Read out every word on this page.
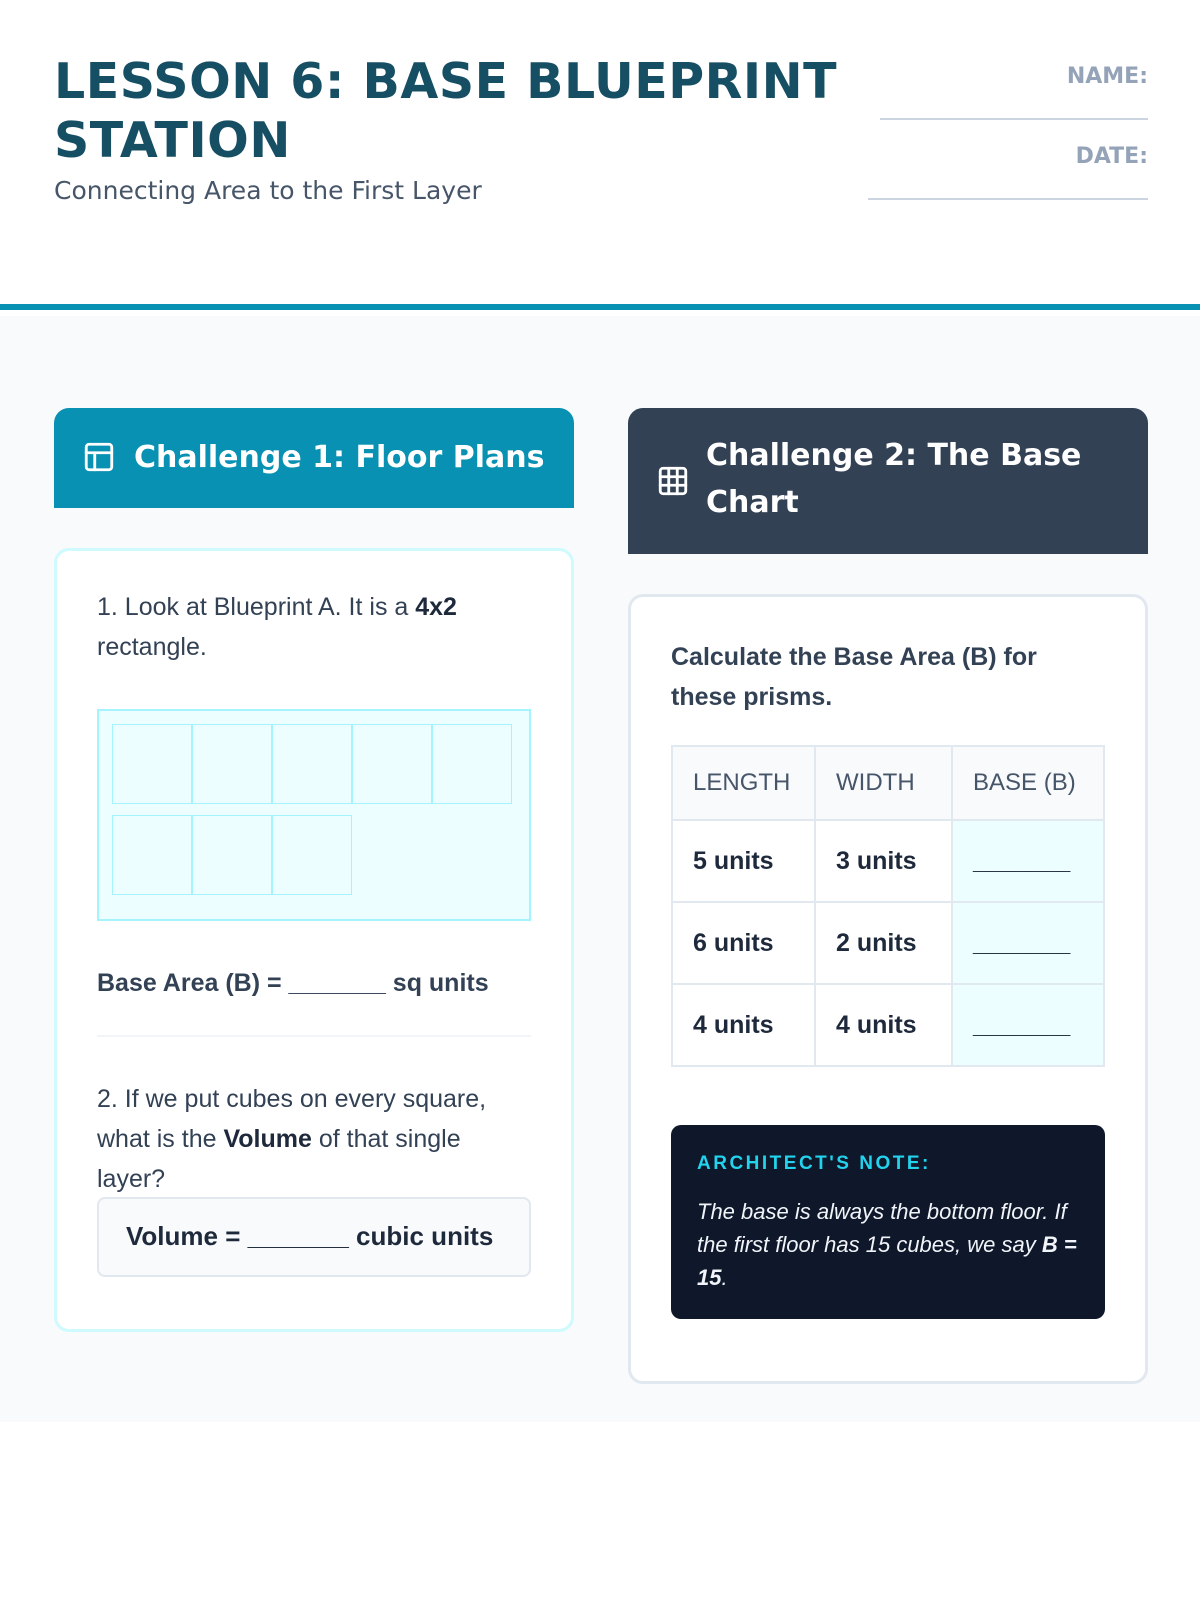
LESSON 6: BASE BLUEPRINT STATION
Connecting Area to the First Layer
NAME:
DATE:
Challenge 1: Floor Plans
1. Look at Blueprint A. It is a 4x2 rectangle.
Base Area (B) = _______ sq units
2. If we put cubes on every square, what is the Volume of that single layer?
Volume = _______ cubic units
Challenge 2: The Base Chart
Calculate the Base Area (B) for these prisms.
LENGTH	WIDTH	BASE (B)
5 units	3 units	_______
6 units	2 units	_______
4 units	4 units	_______
ARCHITECT'S NOTE:
The base is always the bottom floor. If the first floor has 15 cubes, we say B = 15.
